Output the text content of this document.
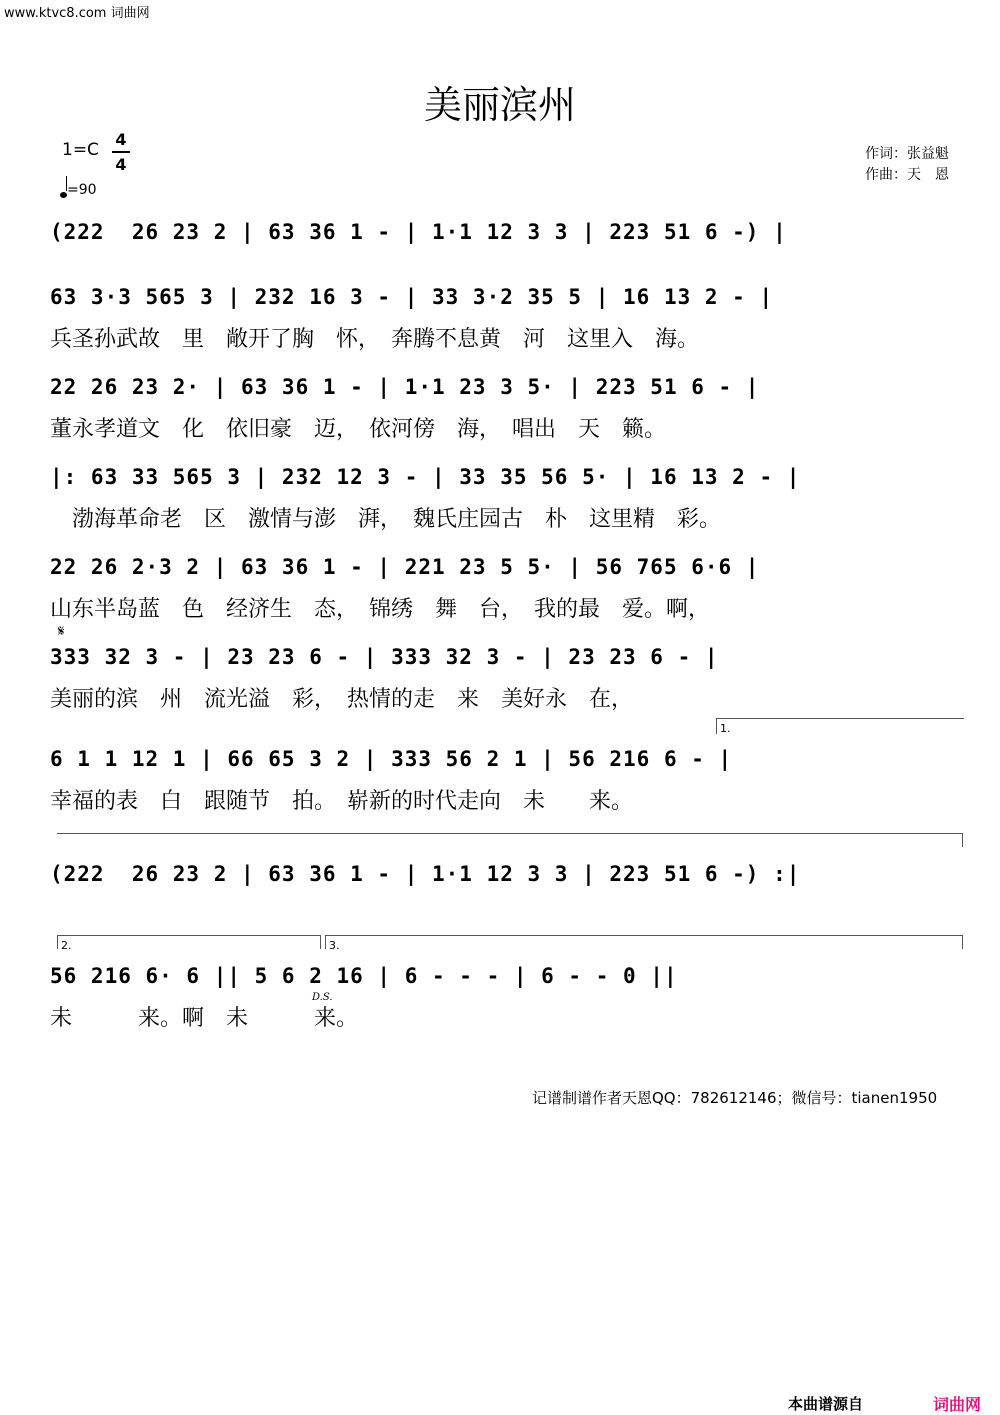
www.ktvc8.com 词曲网
美丽滨州
1=C
4
4
=90
作词：张益魁
作曲：天　恩
(222  26 23 2 | 63 36 1 - | 1·1 12 3 3 | 223 51 6 -) |
63 3·3 565 3 | 232 16 3 - | 33 3·2 35 5 | 16 13 2 - |
兵圣孙武故　里　敞开了胸　怀，　奔腾不息黄　河　这里入　海。
22 26 23 2· | 63 36 1 - | 1·1 23 3 5· | 223 51 6 - |
董永孝道文　化　依旧豪　迈，　依河傍　海，　唱出　天　籁。
|: 63 33 565 3 | 232 12 3 - | 33 35 56 5· | 16 13 2 - |
　渤海革命老　区　激情与澎　湃，　魏氏庄园古　朴　这里精　彩。
22 26 2·3 2 | 63 36 1 - | 221 23 5 5· | 56 765 6·6 |
山东半岛蓝　色　经济生　态，　锦绣　舞　台，　我的最　爱。啊，
𝄋
333 32 3 - | 23 23 6 - | 333 32 3 - | 23 23 6 - |
美丽的滨　州　流光溢　彩，　热情的走　来　美好永　在，
1.
6 1 1 12 1 | 66 65 3 2 | 333 56 2 1 | 56 216 6 - |
幸福的表　白　跟随节　拍。　崭新的时代走向　未　　来。
(222  26 23 2 | 63 36 1 - | 1·1 12 3 3 | 223 51 6 -) :|
2.	3.
56 216 6· 6 || 5 6 2 16 | 6 - - - | 6 - - 0 ||
D.S.
未　　　来。啊　未　　　来。
记谱制谱作者天恩QQ：782612146；微信号：tianen1950
本曲谱源自	词曲网
